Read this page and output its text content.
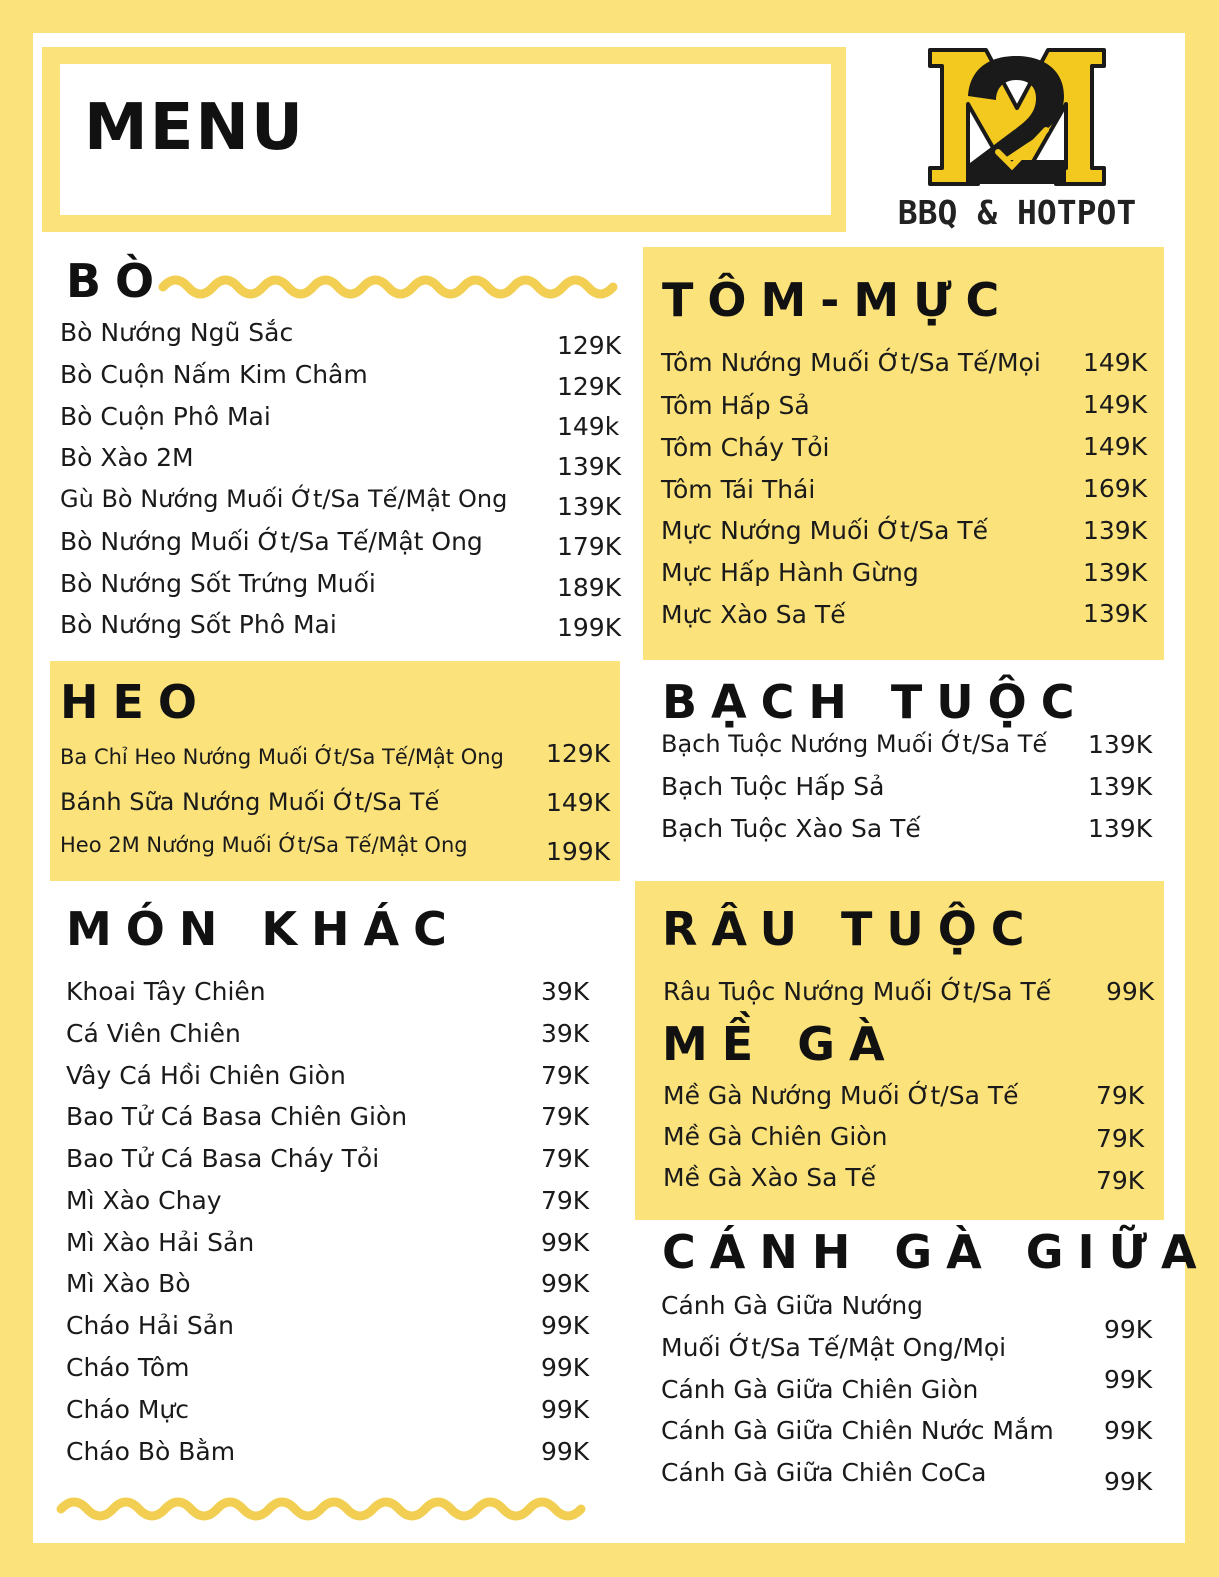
MENU
BBQ & HOTPOT
BÒ	TÔM-MỰC
HEO	BẠCH TUỘC
MÓN KHÁC	RÂU TUỘC
MỀ GÀ
CÁNH GÀ GIỮA
Bò Nướng Ngũ Sắc	129K
Bò Cuộn Nấm Kim Châm	129K
Bò Cuộn Phô Mai	149k
Bò Xào 2M	139K
Gù Bò Nướng Muối Ớt/Sa Tế/Mật Ong 139K
Bò Nướng Muối Ớt/Sa Tế/Mật Ong	179K
Bò Nướng Sốt Trứng Muối	189K
Bò Nướng Sốt Phô Mai	199K
Ba Chỉ Heo Nướng Muối Ớt/Sa Tế/Mật Ong 129K
Bánh Sữa Nướng Muối Ớt/Sa Tế	149K
Heo 2M Nướng Muối Ớt/Sa Tế/Mật Ong	199K
Khoai Tây Chiên	39K
Cá Viên Chiên	39K
Vây Cá Hồi Chiên Giòn	79K
Bao Tử Cá Basa Chiên Giòn	79K
Bao Tử Cá Basa Cháy Tỏi	79K
Mì Xào Chay	79K
Mì Xào Hải Sản	99K
Mì Xào Bò	99K
Cháo Hải Sản	99K
Cháo Tôm	99K
Cháo Mực	99K
Cháo Bò Bằm	99K
Tôm Nướng Muối Ớt/Sa Tế/Mọi 149K
Tôm Hấp Sả	149K
Tôm Cháy Tỏi	149K
Tôm Tái Thái	169K
Mực Nướng Muối Ớt/Sa Tế	139K
Mực Hấp Hành Gừng	139K
Mực Xào Sa Tế	139K
Bạch Tuộc Nướng Muối Ớt/Sa Tế 139K
Bạch Tuộc Hấp Sả	139K
Bạch Tuộc Xào Sa Tế	139K
Râu Tuộc Nướng Muối Ớt/Sa Tế 99K
Mề Gà Nướng Muối Ớt/Sa Tế	79K
Mề Gà Chiên Giòn	79K
Mề Gà Xào Sa Tế	79K
Cánh Gà Giữa Nướng
Muối Ớt/Sa Tế/Mật Ong/Mọi
99K
Cánh Gà Giữa Chiên Giòn	99K
Cánh Gà Giữa Chiên Nước Mắm 99K
Cánh Gà Giữa Chiên CoCa	99K
